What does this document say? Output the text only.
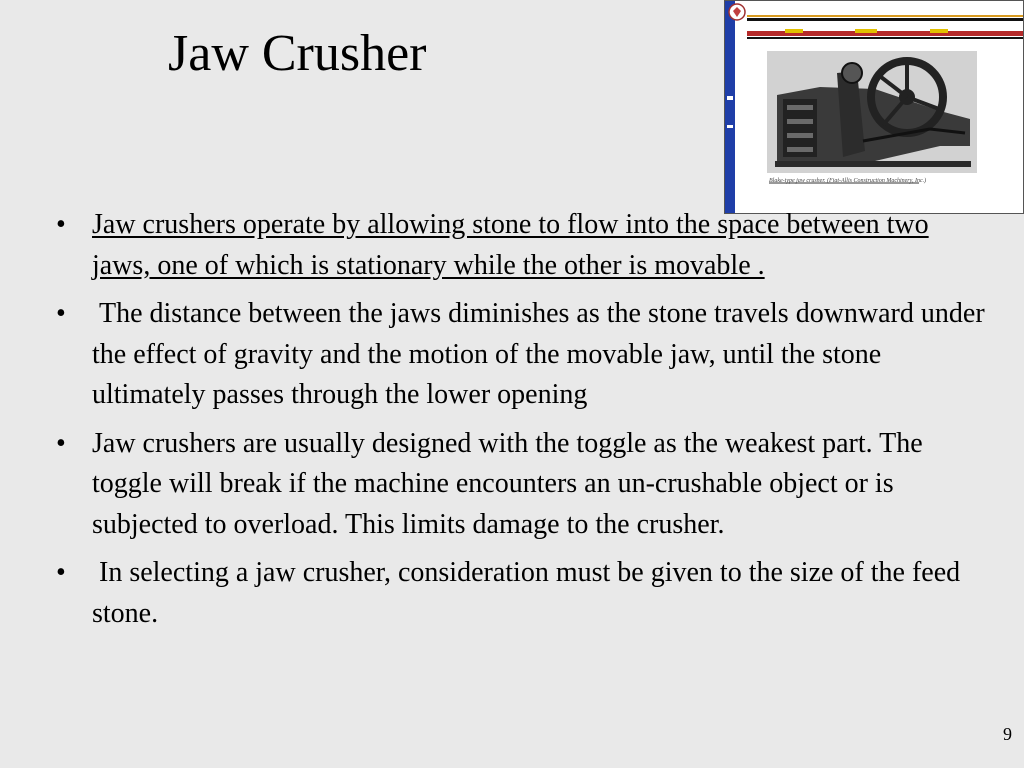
Jaw Crusher
Blake-type jaw crusher. (Fiat-Allis Construction Machinery, Inc.)
• Jaw crushers operate by allowing stone to flow into the space between two jaws, one of which is stationary while the other is movable .
• The distance between the jaws diminishes as the stone travels downward under the effect of gravity and the motion of the movable jaw, until the stone ultimately passes through the lower opening
• Jaw crushers are usually designed with the toggle as the weakest part. The toggle will break if the machine encounters an un-crushable object or is subjected to overload. This limits damage to the crusher.
• In selecting a jaw crusher, consideration must be given to the size of the feed stone.
9
